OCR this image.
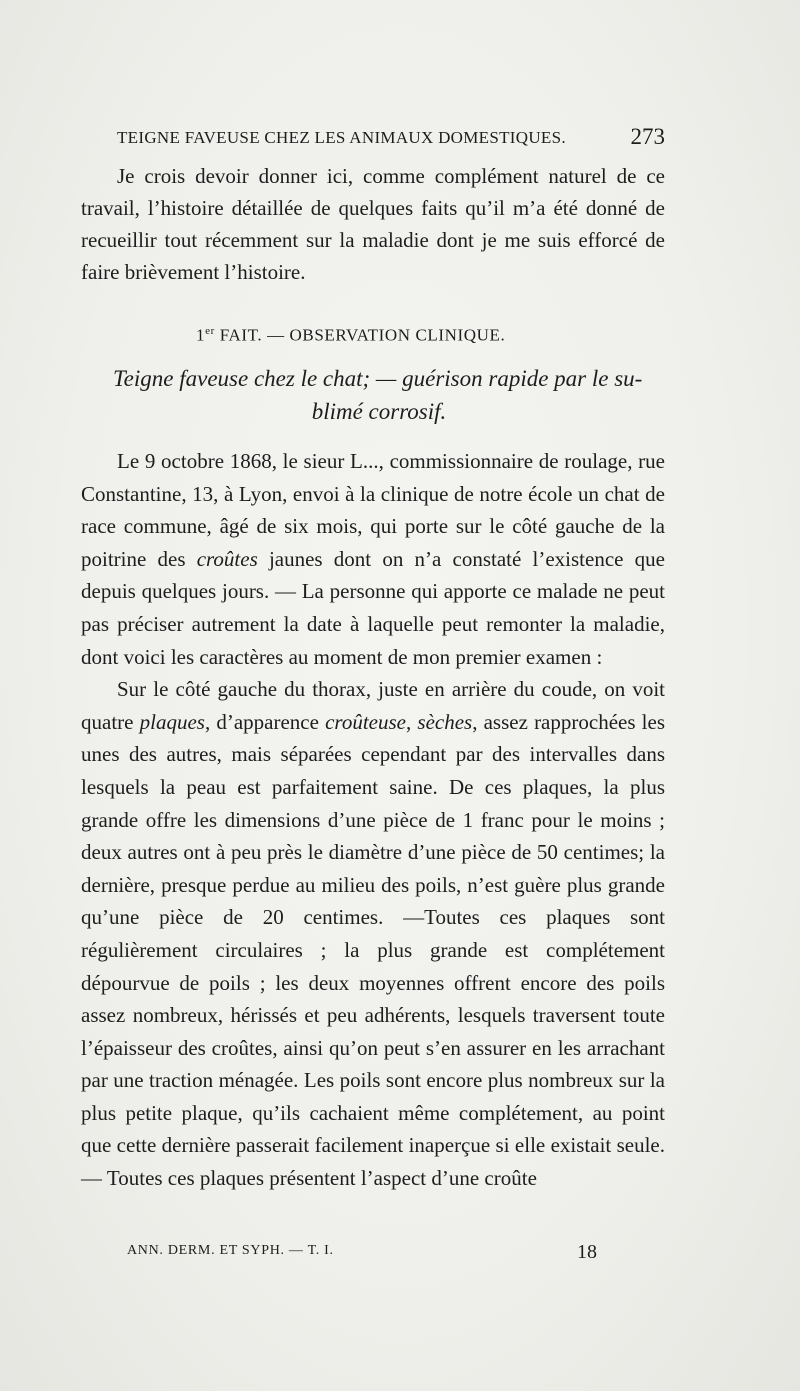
TEIGNE FAVEUSE CHEZ LES ANIMAUX DOMESTIQUES.	273

Je crois devoir donner ici, comme complément naturel de ce travail, l’histoire détaillée de quelques faits qu’il m’a été donné de recueillir tout récemment sur la maladie dont je me suis efforcé de faire brièvement l’histoire.

1er FAIT. — OBSERVATION CLINIQUE.
Teigne faveuse chez le chat; — guérison rapide par le su-
blimé corrosif.

Le 9 octobre 1868, le sieur L..., commissionnaire de roulage, rue Constantine, 13, à Lyon, envoi à la clinique de notre école un chat de race commune, âgé de six mois, qui porte sur le côté gauche de la poitrine des croûtes jaunes dont on n’a constaté l’existence que depuis quelques jours. — La personne qui apporte ce malade ne peut pas préciser autrement la date à laquelle peut remonter la maladie, dont voici les caractères au moment de mon premier examen :

Sur le côté gauche du thorax, juste en arrière du coude, on voit quatre plaques, d’apparence croûteuse, sèches, assez rapprochées les unes des autres, mais séparées cependant par des intervalles dans lesquels la peau est parfaitement saine. De ces plaques, la plus grande offre les dimensions d’une pièce de 1 franc pour le moins ; deux autres ont à peu près le diamètre d’une pièce de 50 centimes; la dernière, presque perdue au milieu des poils, n’est guère plus grande qu’une pièce de 20 centimes. —Toutes ces plaques sont régulièrement circulaires ; la plus grande est complétement dépourvue de poils ; les deux moyennes offrent encore des poils assez nombreux, hérissés et peu adhérents, lesquels traversent toute l’épaisseur des croûtes, ainsi qu’on peut s’en assurer en les arrachant par une traction ménagée. Les poils sont encore plus nombreux sur la plus petite plaque, qu’ils cachaient même complétement, au point que cette dernière passerait facilement inaperçue si elle existait seule. — Toutes ces plaques présentent l’aspect d’une croûte

ANN. DERM. ET SYPH. — T. I.	18
